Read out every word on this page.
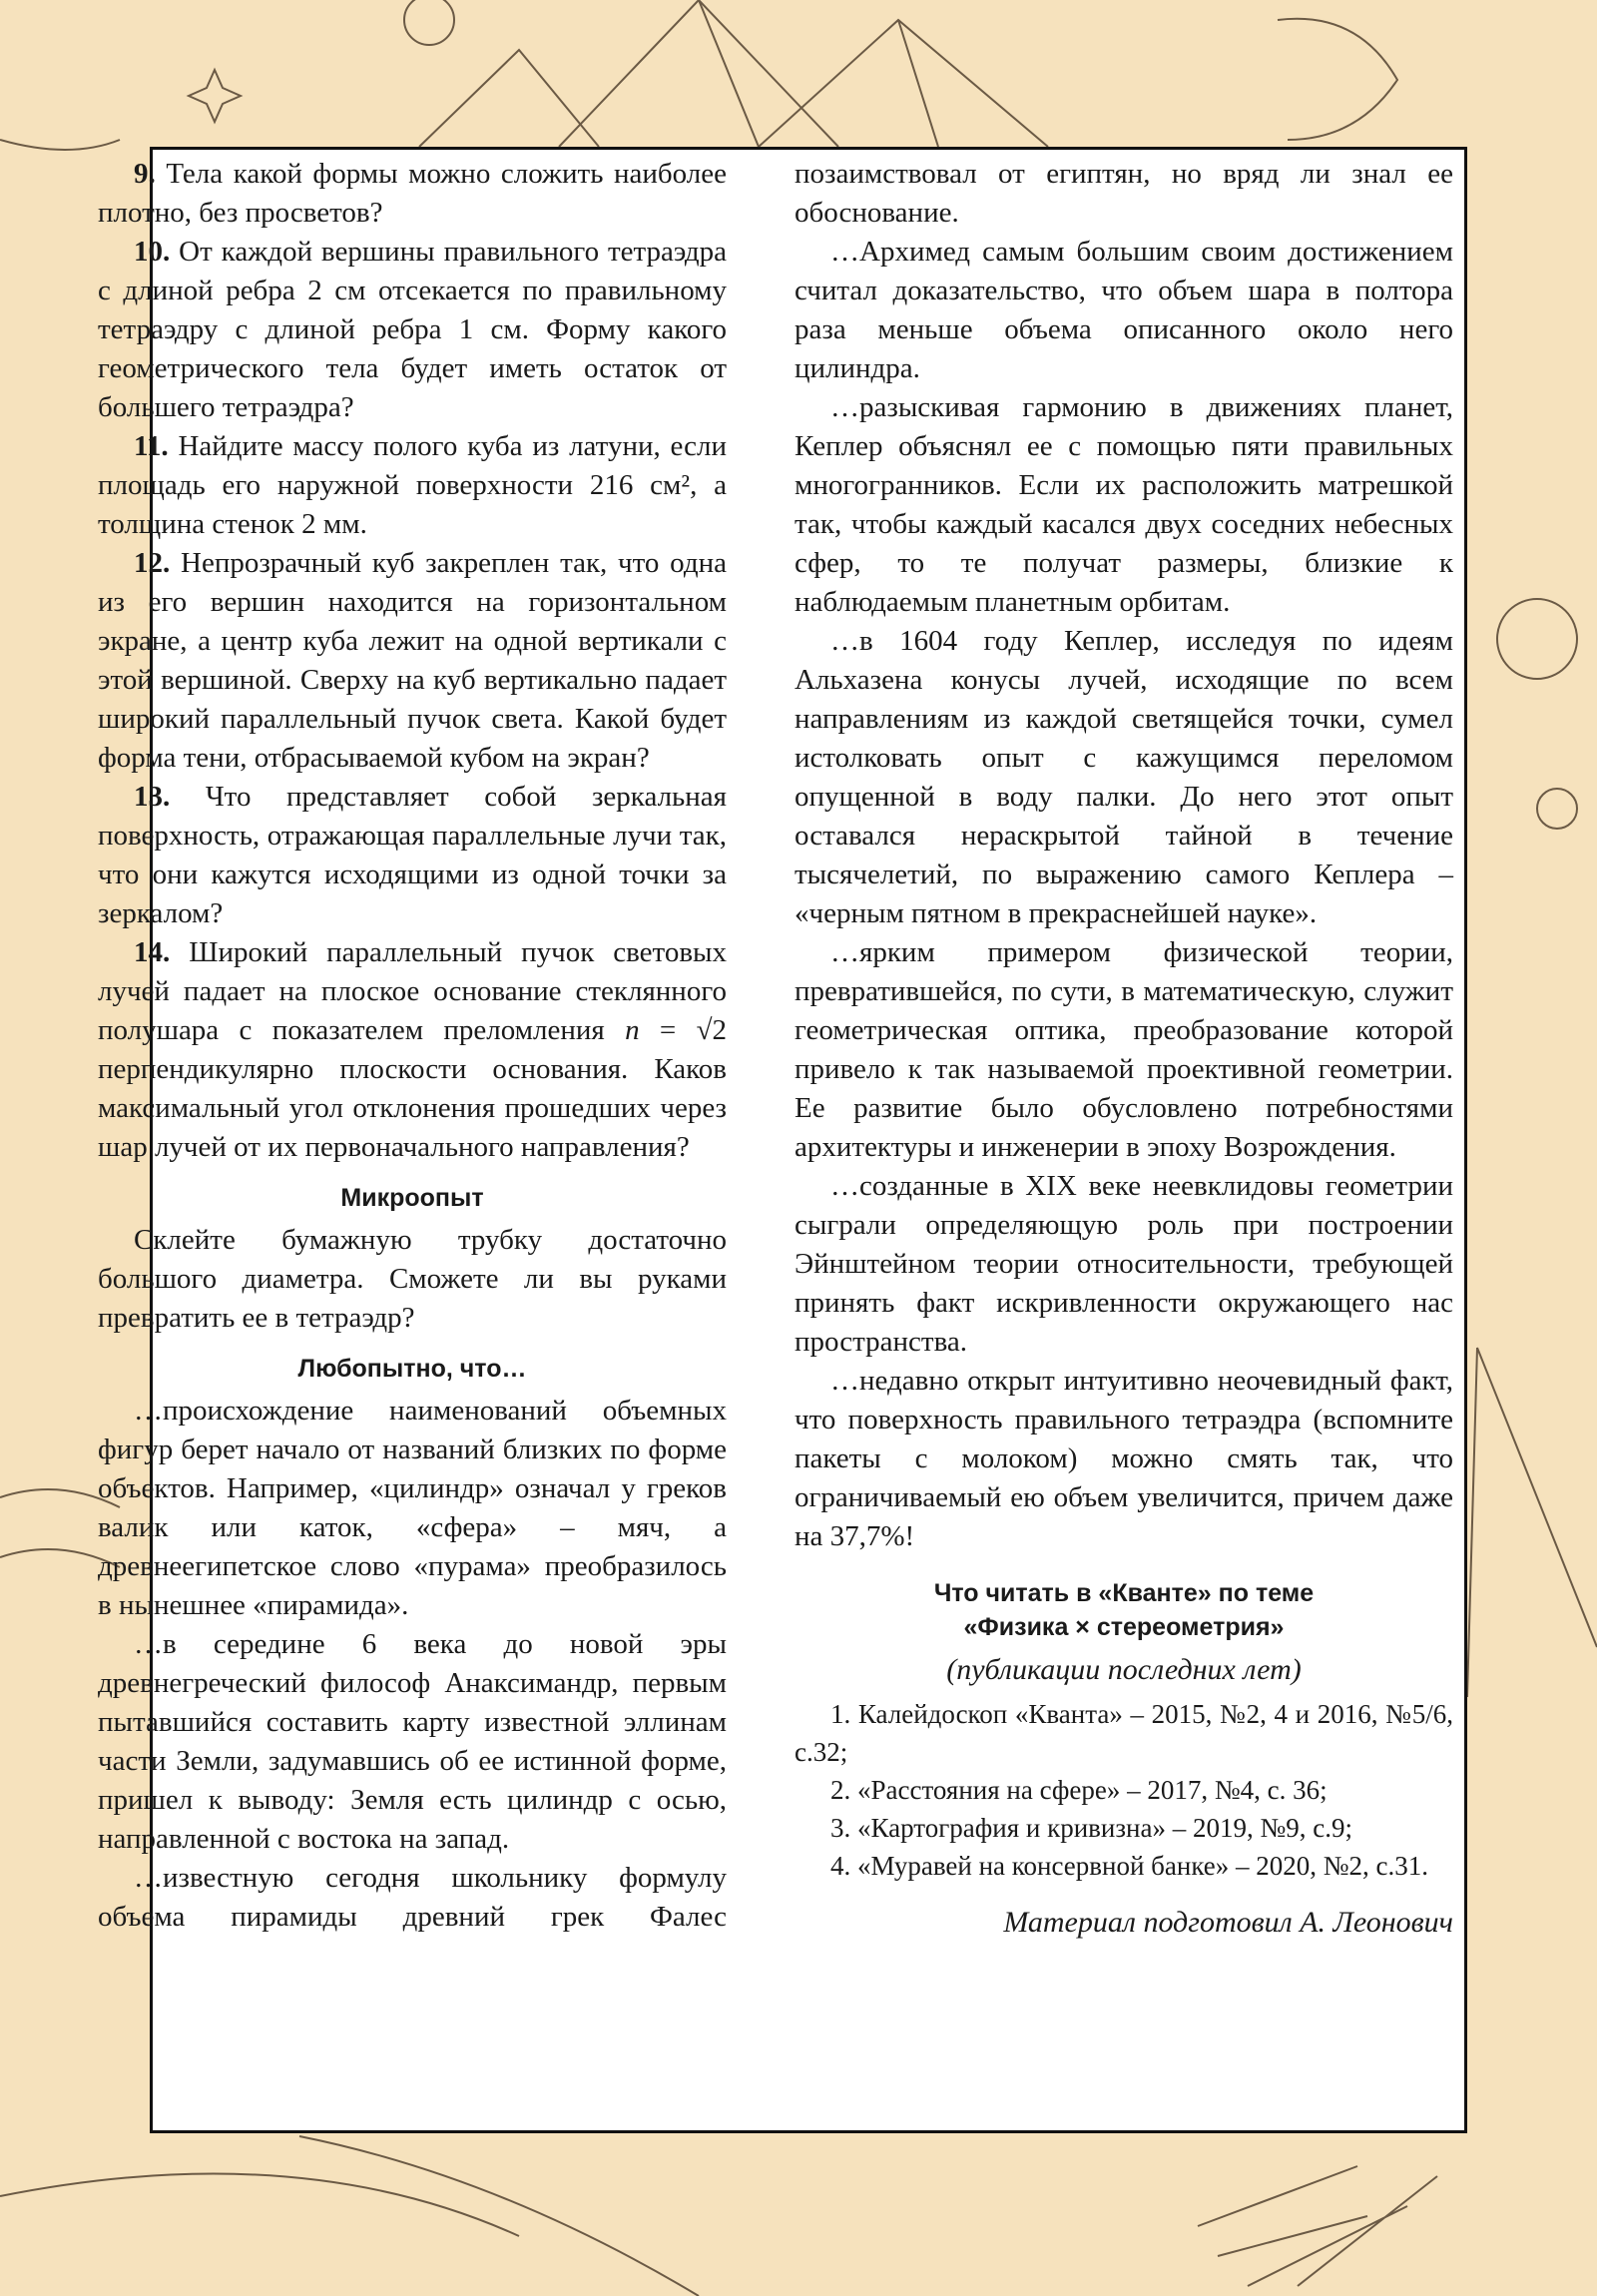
9. Тела какой формы можно сложить наиболее плотно, без просветов?

10. От каждой вершины правильного тетраэдра с длиной ребра 2 см отсекается по правильному тетраэдру с длиной ребра 1 см. Форму какого геометрического тела будет иметь остаток от большего тетраэдра?

11. Найдите массу полого куба из латуни, если площадь его наружной поверхности 216 см², а толщина стенок 2 мм.

12. Непрозрачный куб закреплен так, что одна из его вершин находится на горизонтальном экране, а центр куба лежит на одной вертикали с этой вершиной. Сверху на куб вертикально падает широкий параллельный пучок света. Какой будет форма тени, отбрасываемой кубом на экран?

13. Что представляет собой зеркальная поверхность, отражающая параллельные лучи так, что они кажутся исходящими из одной точки за зеркалом?

14. Широкий параллельный пучок световых лучей падает на плоское основание стеклянного полушара с показателем преломления n = √2 перпендикулярно плоскости основания. Каков максимальный угол отклонения прошедших через шар лучей от их первоначального направления?

Микроопыт

Склейте бумажную трубку достаточно большого диаметра. Сможете ли вы руками превратить ее в тетраэдр?

Любопытно, что…

…происхождение наименований объемных фигур берет начало от названий близких по форме объектов. Например, «цилиндр» означал у греков валик или каток, «сфера» – мяч, а древнеегипетское слово «пурама» преобразилось в нынешнее «пирамида».

…в середине 6 века до новой эры древнегреческий философ Анаксимандр, первым пытавшийся составить карту известной эллинам части Земли, задумавшись об ее истинной форме, пришел к выводу: Земля есть цилиндр с осью, направленной с востока на запад.

…известную сегодня школьнику формулу объема пирамиды древний грек Фалес

позаимствовал от египтян, но вряд ли знал ее обоснование.

…Архимед самым большим своим достижением считал доказательство, что объем шара в полтора раза меньше объема описанного около него цилиндра.

…разыскивая гармонию в движениях планет, Кеплер объяснял ее с помощью пяти правильных многогранников. Если их расположить матрешкой так, чтобы каждый касался двух соседних небесных сфер, то те получат размеры, близкие к наблюдаемым планетным орбитам.

…в 1604 году Кеплер, исследуя по идеям Альхазена конусы лучей, исходящие по всем направлениям из каждой светящейся точки, сумел истолковать опыт с кажущимся переломом опущенной в воду палки. До него этот опыт оставался нераскрытой тайной в течение тысячелетий, по выражению самого Кеплера – «черным пятном в прекраснейшей науке».

…ярким примером физической теории, превратившейся, по сути, в математическую, служит геометрическая оптика, преобразование которой привело к так называемой проективной геометрии. Ее развитие было обусловлено потребностями архитектуры и инженерии в эпоху Возрождения.

…созданные в XIX веке неевклидовы геометрии сыграли определяющую роль при построении Эйнштейном теории относительности, требующей принять факт искривленности окружающего нас пространства.

…недавно открыт интуитивно неочевидный факт, что поверхность правильного тетраэдра (вспомните пакеты с молоком) можно смять так, что ограничиваемый ею объем увеличится, причем даже на 37,7%!

Что читать в «Кванте» по теме
«Физика × стереометрия»
(публикации последних лет)

1. Калейдоскоп «Кванта» – 2015, №2, 4 и 2016, №5/6, с.32;

2. «Расстояния на сфере» – 2017, №4, с. 36;

3. «Картография и кривизна» – 2019, №9, с.9;

4. «Муравей на консервной банке» – 2020, №2, с.31.

Материал подготовил А. Леонович
